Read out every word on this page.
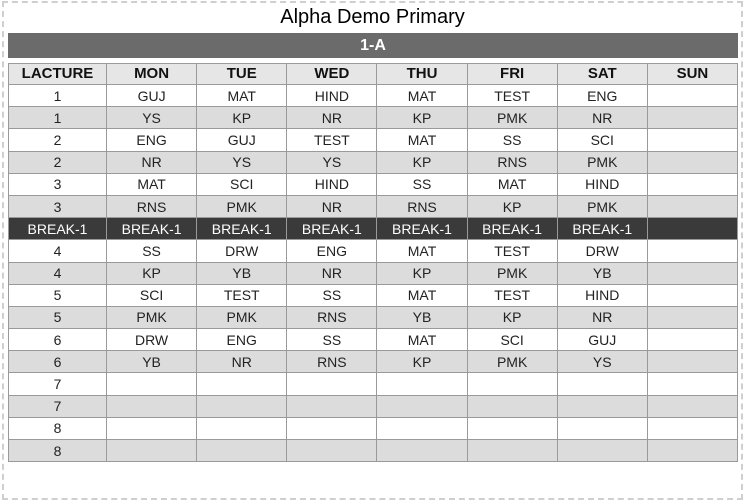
Alpha Demo Primary
1-A
LACTURE	MON	TUE	WED	THU	FRI	SAT	SUN
1	GUJ	MAT	HIND	MAT	TEST	ENG	
1	YS	KP	NR	KP	PMK	NR	
2	ENG	GUJ	TEST	MAT	SS	SCI	
2	NR	YS	YS	KP	RNS	PMK	
3	MAT	SCI	HIND	SS	MAT	HIND	
3	RNS	PMK	NR	RNS	KP	PMK	
BREAK-1	BREAK-1	BREAK-1	BREAK-1	BREAK-1	BREAK-1	BREAK-1	
4	SS	DRW	ENG	MAT	TEST	DRW	
4	KP	YB	NR	KP	PMK	YB	
5	SCI	TEST	SS	MAT	TEST	HIND	
5	PMK	PMK	RNS	YB	KP	NR	
6	DRW	ENG	SS	MAT	SCI	GUJ	
6	YB	NR	RNS	KP	PMK	YS	
7							
7							
8							
8							
